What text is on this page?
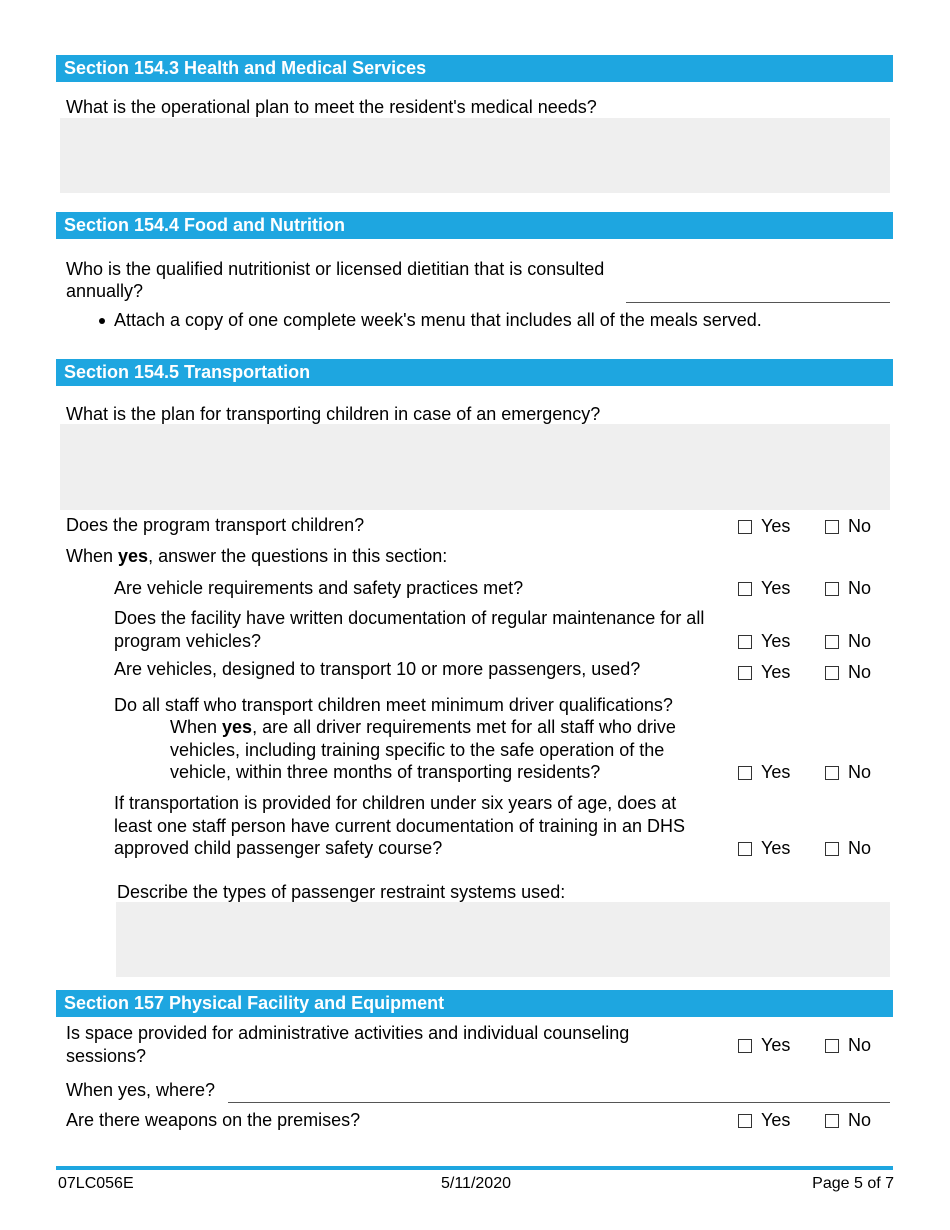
Section 154.3 Health and Medical Services
What is the operational plan to meet the resident's medical needs?
Section 154.4 Food and Nutrition
Who is the qualified nutritionist or licensed dietitian that is consulted
annually?
Attach a copy of one complete week's menu that includes all of the meals served.
Section 154.5 Transportation
What is the plan for transporting children in case of an emergency?
Does the program transport children?	Yes	No
When yes, answer the questions in this section:
Are vehicle requirements and safety practices met?	Yes	No
Does the facility have written documentation of regular maintenance for all
program vehicles?	Yes	No
Are vehicles, designed to transport 10 or more passengers, used?	Yes	No
Do all staff who transport children meet minimum driver qualifications?
When yes, are all driver requirements met for all staff who drive
vehicles, including training specific to the safe operation of the
vehicle, within three months of transporting residents?	Yes	No
If transportation is provided for children under six years of age, does at
least one staff person have current documentation of training in an DHS
approved child passenger safety course?	Yes	No
Describe the types of passenger restraint systems used:
Section 157 Physical Facility and Equipment
Is space provided for administrative activities and individual counseling
sessions?
Yes	No
When yes, where?
Are there weapons on the premises?	Yes	No
07LC056E	5/11/2020	Page 5 of 7
